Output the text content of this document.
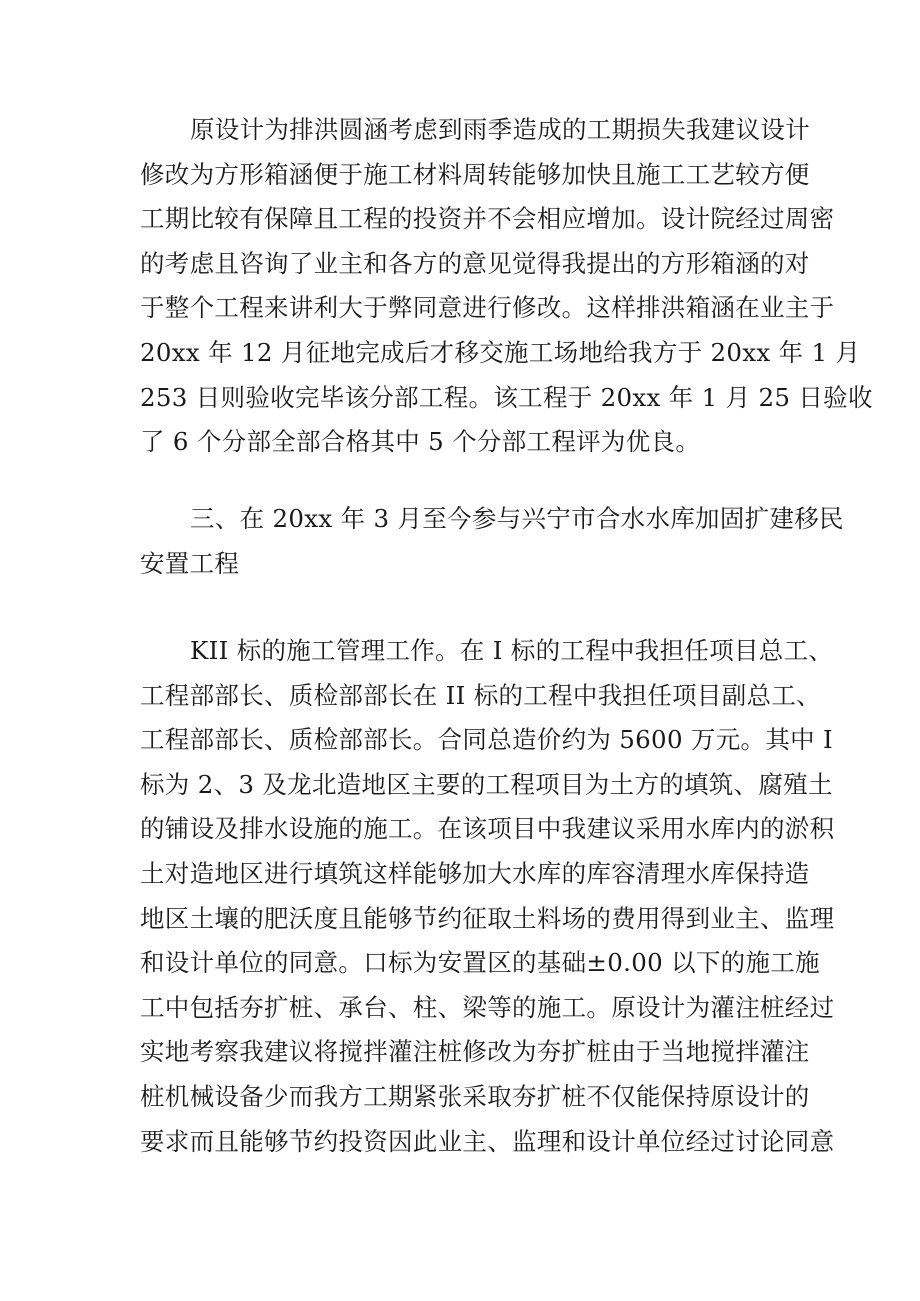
原设计为排洪圆涵考虑到雨季造成的工期损失我建议设计
修改为方形箱涵便于施工材料周转能够加快且施工工艺较方便
工期比较有保障且工程的投资并不会相应增加。设计院经过周密
的考虑且咨询了业主和各方的意见觉得我提出的方形箱涵的对
于整个工程来讲利大于弊同意进行修改。这样排洪箱涵在业主于
20xx 年 12 月征地完成后才移交施工场地给我方于 20xx 年 1 月
253 日则验收完毕该分部工程。该工程于 20xx 年 1 月 25 日验收
了 6 个分部全部合格其中 5 个分部工程评为优良。
三、在 20xx 年 3 月至今参与兴宁市合水水库加固扩建移民
安置工程
KII 标的施工管理工作。在 I 标的工程中我担任项目总工、
工程部部长、质检部部长在 II 标的工程中我担任项目副总工、
工程部部长、质检部部长。合同总造价约为 5600 万元。其中 I
标为 2、3 及龙北造地区主要的工程项目为土方的填筑、腐殖土
的铺设及排水设施的施工。在该项目中我建议采用水库内的淤积
土对造地区进行填筑这样能够加大水库的库容清理水库保持造
地区土壤的肥沃度且能够节约征取土料场的费用得到业主、监理
和设计单位的同意。口标为安置区的基础±0.00 以下的施工施
工中包括夯扩桩、承台、柱、梁等的施工。原设计为灌注桩经过
实地考察我建议将搅拌灌注桩修改为夯扩桩由于当地搅拌灌注
桩机械设备少而我方工期紧张采取夯扩桩不仅能保持原设计的
要求而且能够节约投资因此业主、监理和设计单位经过讨论同意
